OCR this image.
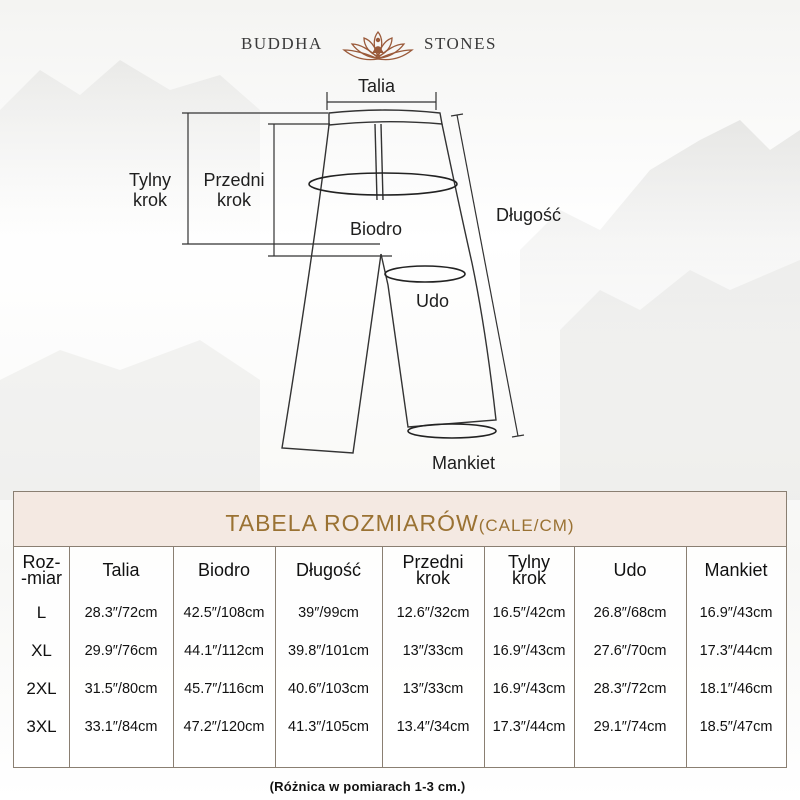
BUDDHA	STONES
Talia
Tylny
krok
Przedni
krok
Biodro
Długość
Udo
Mankiet
TABELA ROZMIARÓW(CALE/CM)
Roz-
-miar
L
XL
2XL
3XL
Talia
28.3″/72 cm
29.9″/76 cm
31.5″/80 cm
33.1″/84 cm
Biodro
42.5″/108 cm
44.1″/112 cm
45.7″/116 cm
47.2″/120 cm
Długość
39″/99 cm
39.8″/101 cm
40.6″/103 cm
41.3″/105 cm
Przedni
krok
12.6″/32 cm
13″/33 cm
13″/33 cm
13.4″/34 cm
Tylny
krok
16.5″/42 cm
16.9″/43 cm
16.9″/43 cm
17.3″/44 cm
Udo
26.8″/68 cm
27.6″/70 cm
28.3″/72 cm
29.1″/74 cm
Mankiet
16.9″/43 cm
17.3″/44 cm
18.1″/46 cm
18.5″/47 cm
(Różnica w pomiarach 1-3 cm.)
